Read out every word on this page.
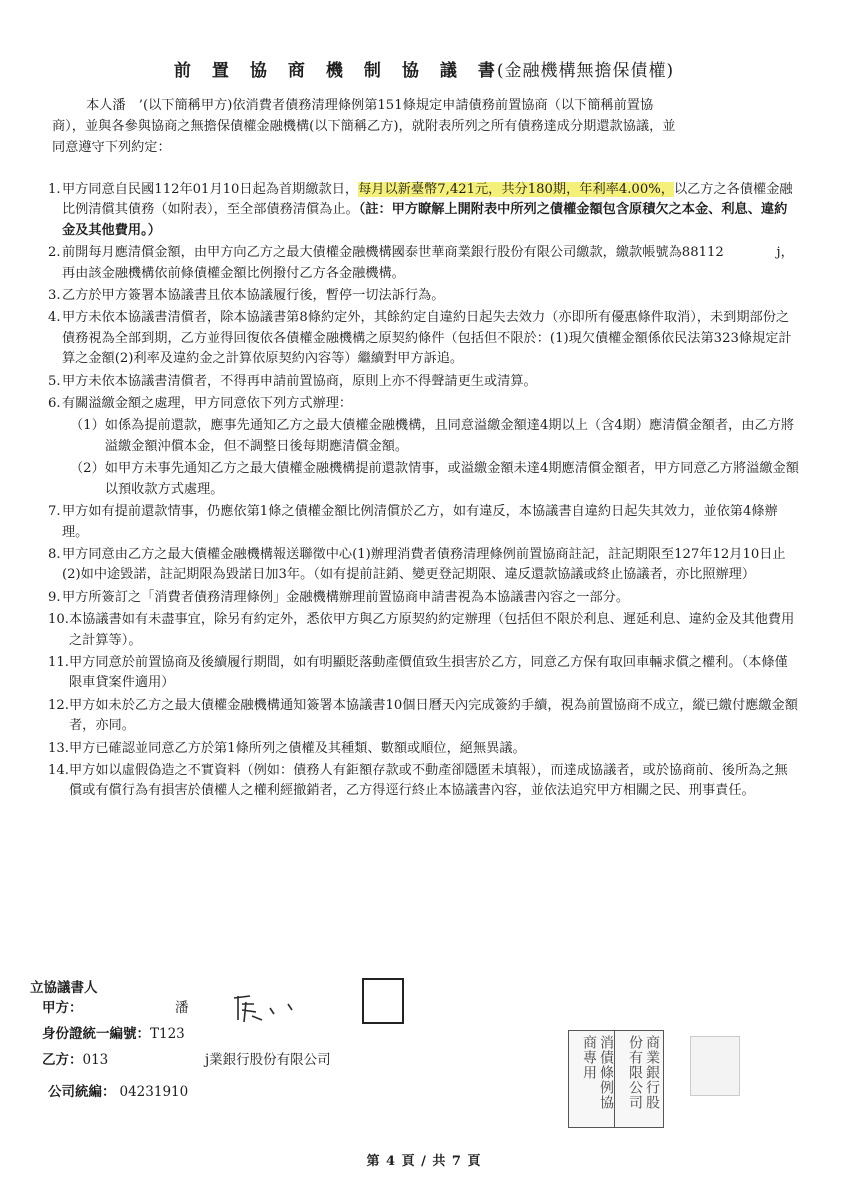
前　置　協　商　機　制　協　議　書(金融機構無擔保債權)
本人潘　’(以下簡稱甲方)依消費者債務清理條例第151條規定申請債務前置協商（以下簡稱前置協
商），並與各參與協商之無擔保債權金融機構(以下簡稱乙方)，就附表所列之所有債務達成分期還款協議，並
同意遵守下列約定：
1. 甲方同意自民國112年01月10日起為首期繳款日，每月以新臺幣7,421元，共分180期，年利率4.00%，以乙方之各債權金融比例清償其債務（如附表），至全部債務清償為止。（註：甲方瞭解上開附表中所列之債權金額包含原積欠之本金、利息、違約金及其他費用。）
2. 前開每月應清償金額，由甲方向乙方之最大債權金融機構國泰世華商業銀行股份有限公司繳款，繳款帳號為88112　　　　j，再由該金融機構依前條債權金額比例撥付乙方各金融機構。
3. 乙方於甲方簽署本協議書且依本協議履行後，暫停一切法訴行為。
4. 甲方未依本協議書清償者，除本協議書第8條約定外，其餘約定自違約日起失去效力（亦即所有優惠條件取消），未到期部份之債務視為全部到期，乙方並得回復依各債權金融機構之原契約條件（包括但不限於：(1)現欠債權金額係依民法第323條規定計算之金額(2)利率及違約金之計算依原契約內容等）繼續對甲方訴追。
5. 甲方未依本協議書清償者，不得再申請前置協商，原則上亦不得聲請更生或清算。
6. 有關溢繳金額之處理，甲方同意依下列方式辦理：
（1） 如係為提前還款，應事先通知乙方之最大債權金融機構，且同意溢繳金額達4期以上（含4期）應清償金額者，由乙方將溢繳金額沖償本金，但不調整日後每期應清償金額。
（2） 如甲方未事先通知乙方之最大債權金融機構提前還款情事，或溢繳金額未達4期應清償金額者，甲方同意乙方將溢繳金額以預收款方式處理。
7. 甲方如有提前還款情事，仍應依第1條之債權金額比例清償於乙方，如有違反，本協議書自違約日起失其效力，並依第4條辦理。
8. 甲方同意由乙方之最大債權金融機構報送聯徵中心(1)辦理消費者債務清理條例前置協商註記，註記期限至127年12月10日止(2)如中途毀諾，註記期限為毀諾日加3年。（如有提前註銷、變更登記期限、違反還款協議或終止協議者，亦比照辦理）
9. 甲方所簽訂之「消費者債務清理條例」金融機構辦理前置協商申請書視為本協議書內容之一部分。
10. 本協議書如有未盡事宜，除另有約定外，悉依甲方與乙方原契約約定辦理（包括但不限於利息、遲延利息、違約金及其他費用之計算等）。
11. 甲方同意於前置協商及後續履行期間，如有明顯貶落動產價值致生損害於乙方，同意乙方保有取回車輛求償之權利。（本條僅限車貸案件適用）
12. 甲方如未於乙方之最大債權金融機構通知簽署本協議書10個日曆天內完成簽約手續，視為前置協商不成立，縱已繳付應繳金額者，亦同。
13. 甲方已確認並同意乙方於第1條所列之債權及其種類、數額或順位，絕無異議。
14. 甲方如以虛假偽造之不實資料（例如：債務人有鉅額存款或不動產卻隱匿未填報），而達成協議者，或於協商前、後所為之無償或有償行為有損害於債權人之權利經撤銷者，乙方得逕行終止本協議書內容，並依法追究甲方相關之民、刑事責任。
立協議書人
甲方：	潘
身份證統一編號：T123
乙方：013	j業銀行股份有限公司
公司統編： 04231910	消債條例協商專用	商業銀行股份有限公司
第 4 頁 / 共 7 頁
